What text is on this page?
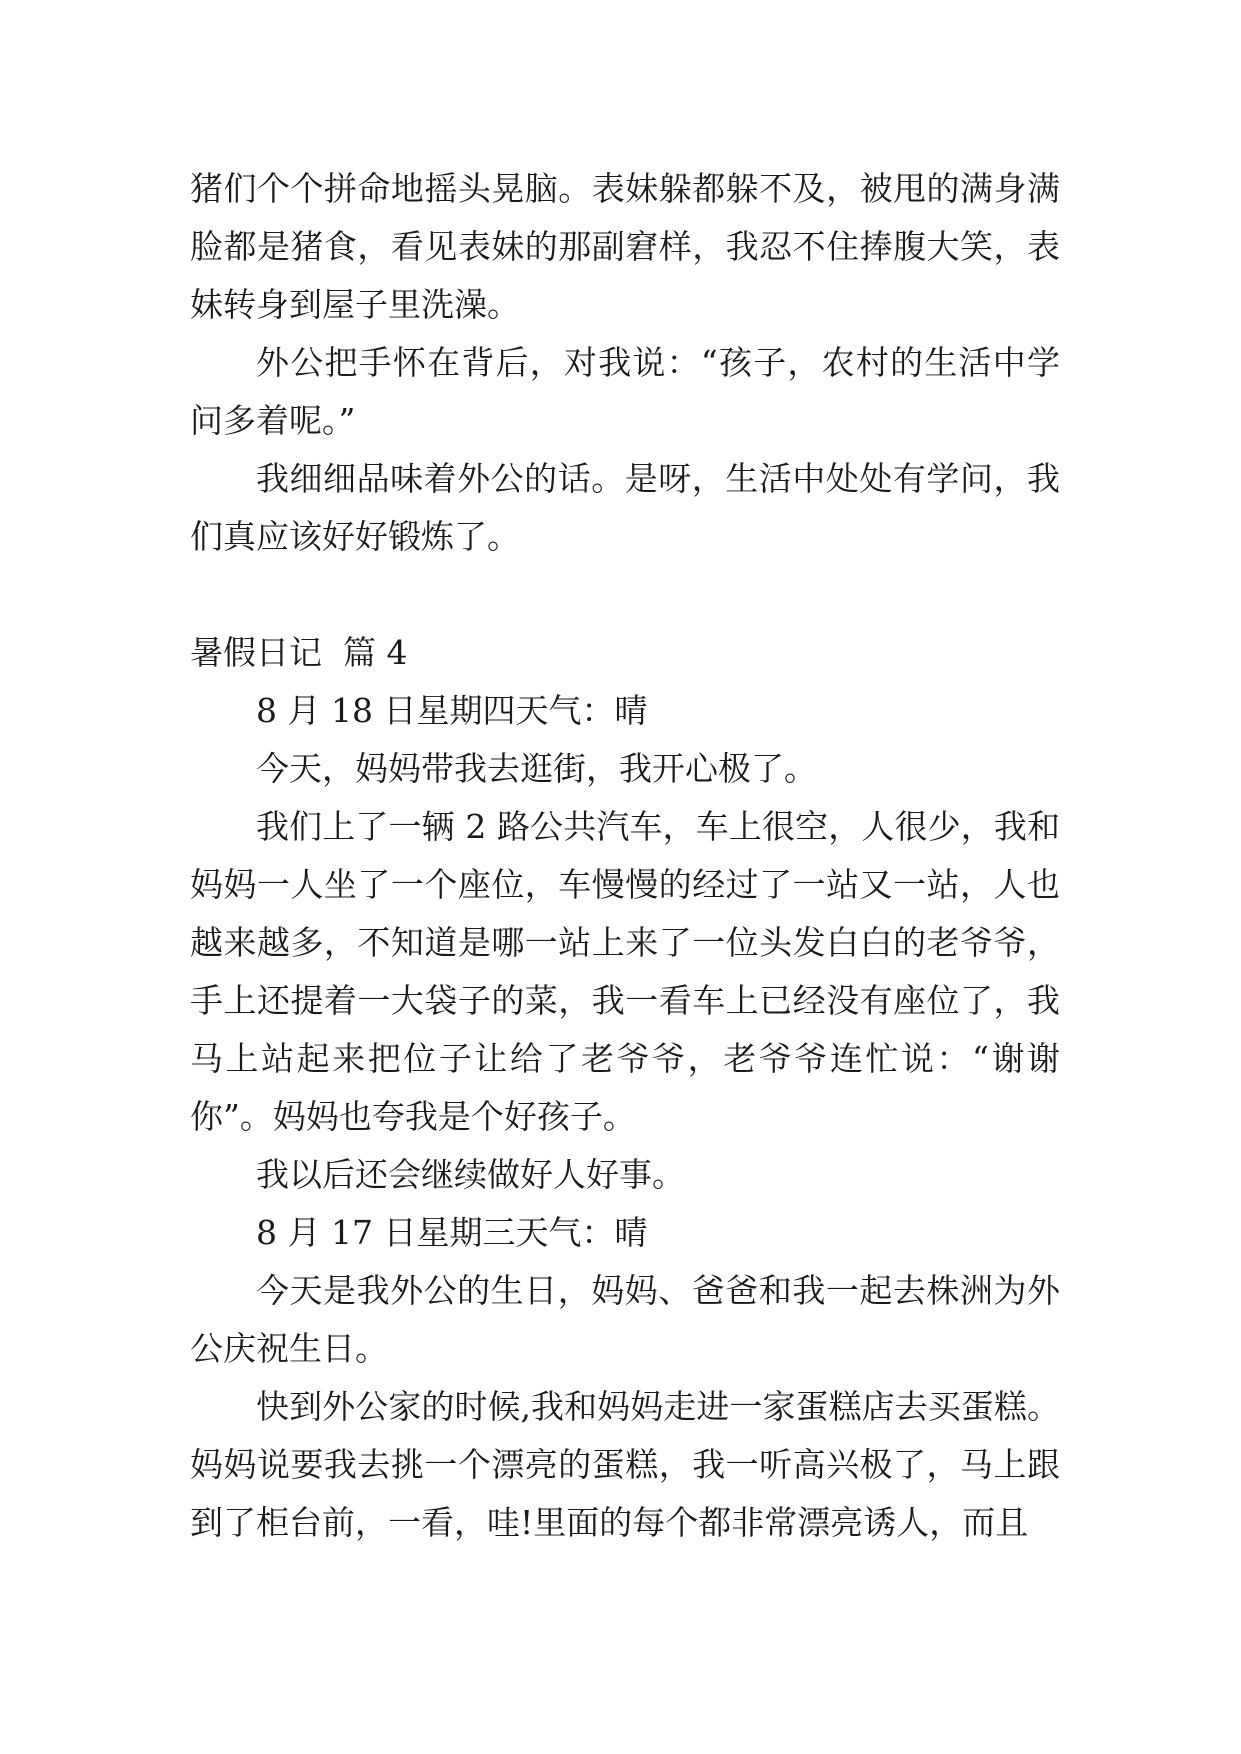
猪们个个拼命地摇头晃脑。表妹躲都躲不及，被甩的满身满脸都是猪食，看见表妹的那副窘样，我忍不住捧腹大笑，表妹转身到屋子里洗澡。

外公把手怀在背后，对我说：“孩子，农村的生活中学问多着呢。”

我细细品味着外公的话。是呀，生活中处处有学问，我们真应该好好锻炼了。

暑假日记  篇 4

8 月 18 日星期四天气：晴

今天，妈妈带我去逛街，我开心极了。

我们上了一辆 2 路公共汽车，车上很空，人很少，我和妈妈一人坐了一个座位，车慢慢的经过了一站又一站，人也越来越多，不知道是哪一站上来了一位头发白白的老爷爷，手上还提着一大袋子的菜，我一看车上已经没有座位了，我马上站起来把位子让给了老爷爷，老爷爷连忙说：“谢谢你”。妈妈也夸我是个好孩子。

我以后还会继续做好人好事。

8 月 17 日星期三天气：晴

今天是我外公的生日，妈妈、爸爸和我一起去株洲为外公庆祝生日。

快到外公家的时候,我和妈妈走进一家蛋糕店去买蛋糕。妈妈说要我去挑一个漂亮的蛋糕，我一听高兴极了，马上跟到了柜台前，一看，哇!里面的每个都非常漂亮诱人，而且
